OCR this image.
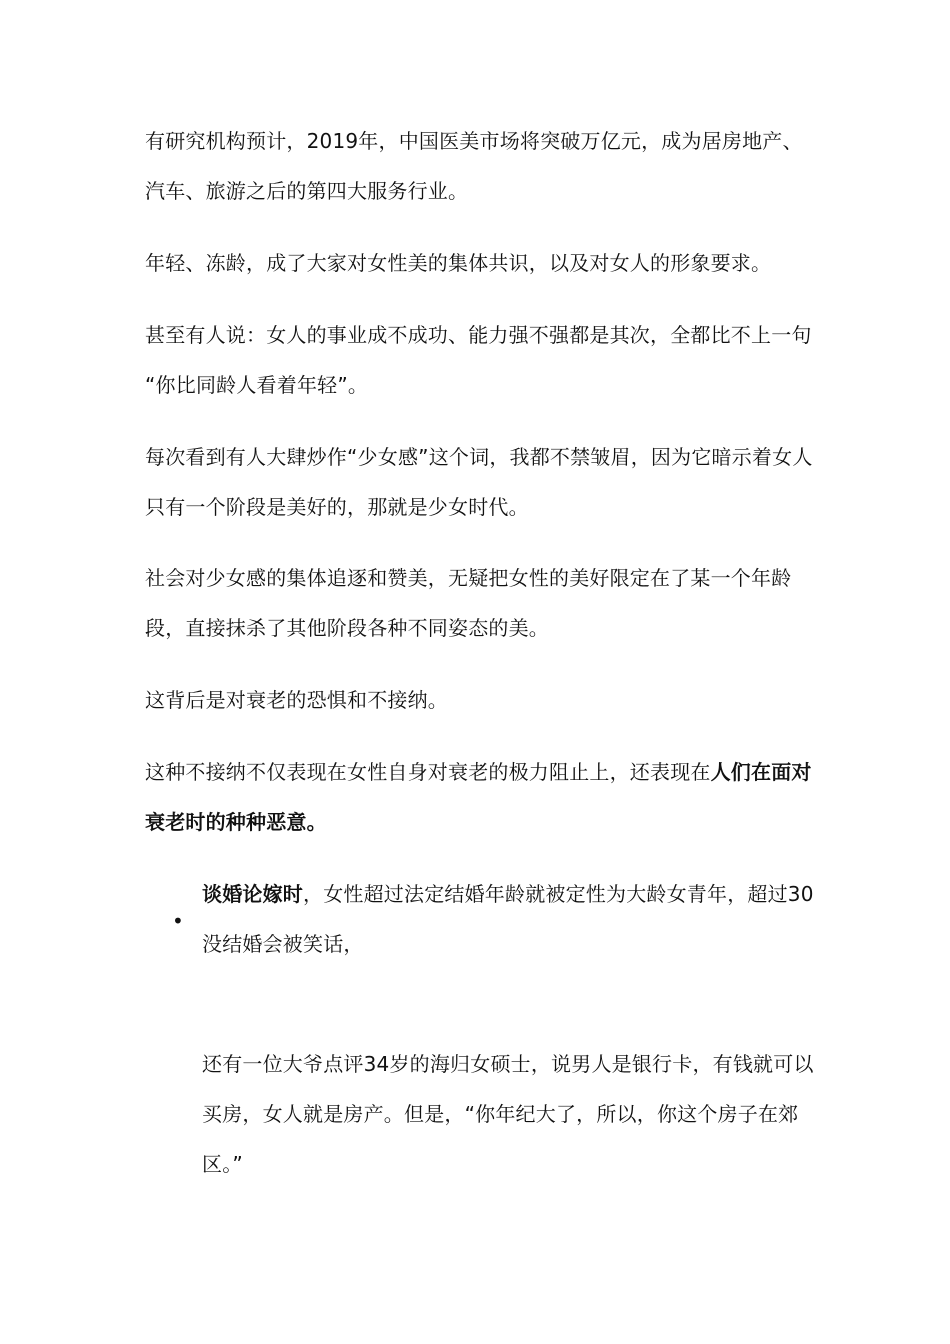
有研究机构预计，2019年，中国医美市场将突破万亿元，成为居房地产、汽车、旅游之后的第四大服务行业。

年轻、冻龄，成了大家对女性美的集体共识，以及对女人的形象要求。

甚至有人说：女人的事业成不成功、能力强不强都是其次，全都比不上一句 “你比同龄人看着年轻”。

每次看到有人大肆炒作“少女感”这个词，我都不禁皱眉，因为它暗示着女人只有一个阶段是美好的，那就是少女时代。

社会对少女感的集体追逐和赞美，无疑把女性的美好限定在了某一个年龄段，直接抹杀了其他阶段各种不同姿态的美。

这背后是对衰老的恐惧和不接纳。

这种不接纳不仅表现在女性自身对衰老的极力阻止上，还表现在人们在面对衰老时的种种恶意。

•

谈婚论嫁时，女性超过法定结婚年龄就被定性为大龄女青年，超过30没结婚会被笑话，

还有一位大爷点评34岁的海归女硕士，说男人是银行卡，有钱就可以买房，女人就是房产。但是，“你年纪大了，所以，你这个房子在郊区。”
